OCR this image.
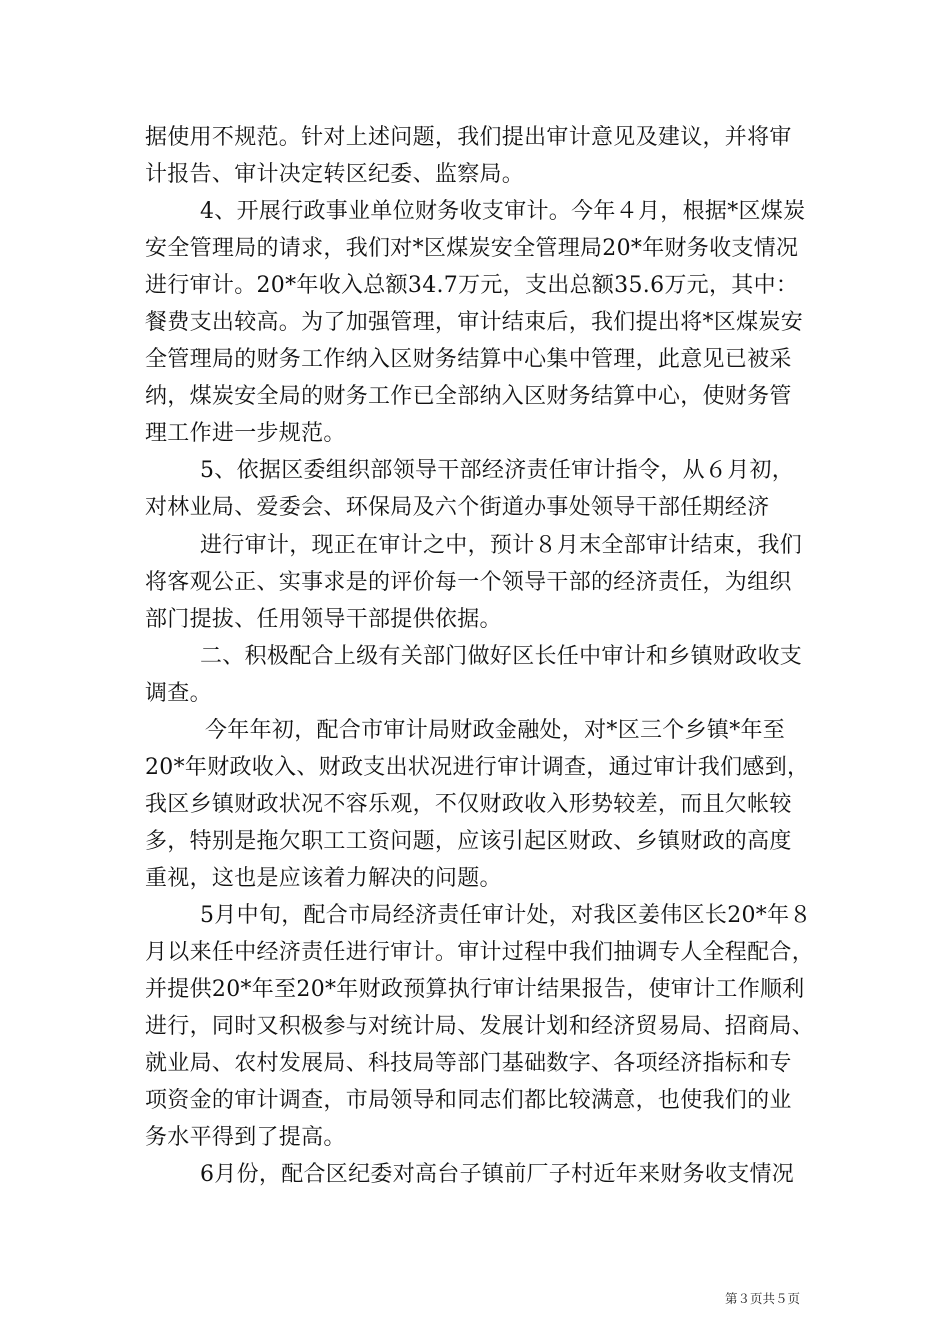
据使用不规范。针对上述问题，我们提出审计意见及建议，并将审
计报告、审计决定转区纪委、监察局。
4、开展行政事业单位财务收支审计。今年４月，根据*区煤炭
安全管理局的请求，我们对*区煤炭安全管理局20*年财务收支情况
进行审计。20*年收入总额34.7万元，支出总额35.6万元，其中：
餐费支出较高。为了加强管理，审计结束后，我们提出将*区煤炭安
全管理局的财务工作纳入区财务结算中心集中管理，此意见已被采
纳，煤炭安全局的财务工作已全部纳入区财务结算中心，使财务管
理工作进一步规范。
5、依据区委组织部领导干部经济责任审计指令，从６月初，
对林业局、爱委会、环保局及六个街道办事处领导干部任期经济
进行审计，现正在审计之中，预计８月末全部审计结束，我们
将客观公正、实事求是的评价每一个领导干部的经济责任，为组织
部门提拔、任用领导干部提供依据。
二、积极配合上级有关部门做好区长任中审计和乡镇财政收支
调查。
今年年初，配合市审计局财政金融处，对*区三个乡镇*年至
20*年财政收入、财政支出状况进行审计调查，通过审计我们感到，
我区乡镇财政状况不容乐观，不仅财政收入形势较差，而且欠帐较
多，特别是拖欠职工工资问题，应该引起区财政、乡镇财政的高度
重视，这也是应该着力解决的问题。
5月中旬，配合市局经济责任审计处，对我区姜伟区长20*年８
月以来任中经济责任进行审计。审计过程中我们抽调专人全程配合，
并提供20*年至20*年财政预算执行审计结果报告，使审计工作顺利
进行，同时又积极参与对统计局、发展计划和经济贸易局、招商局、
就业局、农村发展局、科技局等部门基础数字、各项经济指标和专
项资金的审计调查，市局领导和同志们都比较满意，也使我们的业
务水平得到了提高。
6月份，配合区纪委对高台子镇前厂子村近年来财务收支情况
第３页共５页
